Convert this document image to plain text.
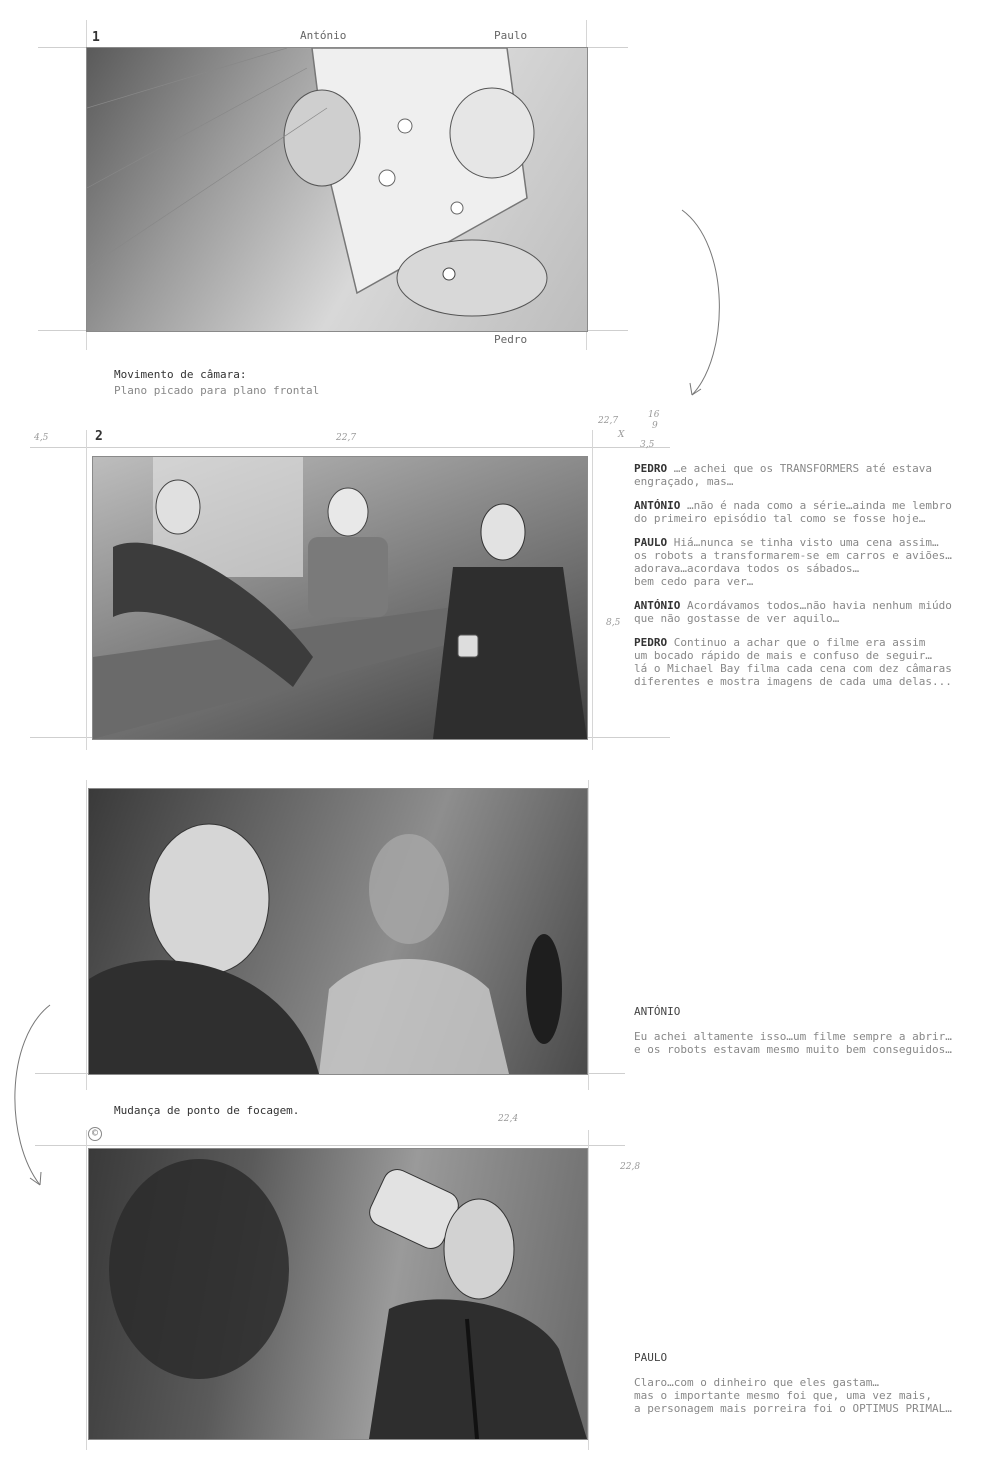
1	António	Paulo
Pedro
Movimento de câmara:
Plano picado para plano frontal
4,5	2	22,7
22,7
16
9
X
3,5
8,5

PEDRO …e achei que os TRANSFORMERS até estava
engraçado, mas…

ANTÓNIO …não é nada como a série…ainda me lembro
do primeiro episódio tal como se fosse hoje…

PAULO Hiá…nunca se tinha visto uma cena assim…
os robots a transformarem-se em carros e aviões…
adorava…acordava todos os sábados…
bem cedo para ver…

ANTÓNIO Acordávamos todos…não havia nenhum miúdo
que não gostasse de ver aquilo…

PEDRO Continuo a achar que o filme era assim
um bocado rápido de mais e confuso de seguir…
lá o Michael Bay filma cada cena com dez câmaras
diferentes e mostra imagens de cada uma delas...

ANTÓNIO
Eu achei altamente isso…um filme sempre a abrir…
e os robots estavam mesmo muito bem conseguidos…
Mudança de ponto de focagem.
22,4
©
22,8
PAULO
Claro…com o dinheiro que eles gastam…
mas o importante mesmo foi que, uma vez mais,
a personagem mais porreira foi o OPTIMUS PRIMAL…
